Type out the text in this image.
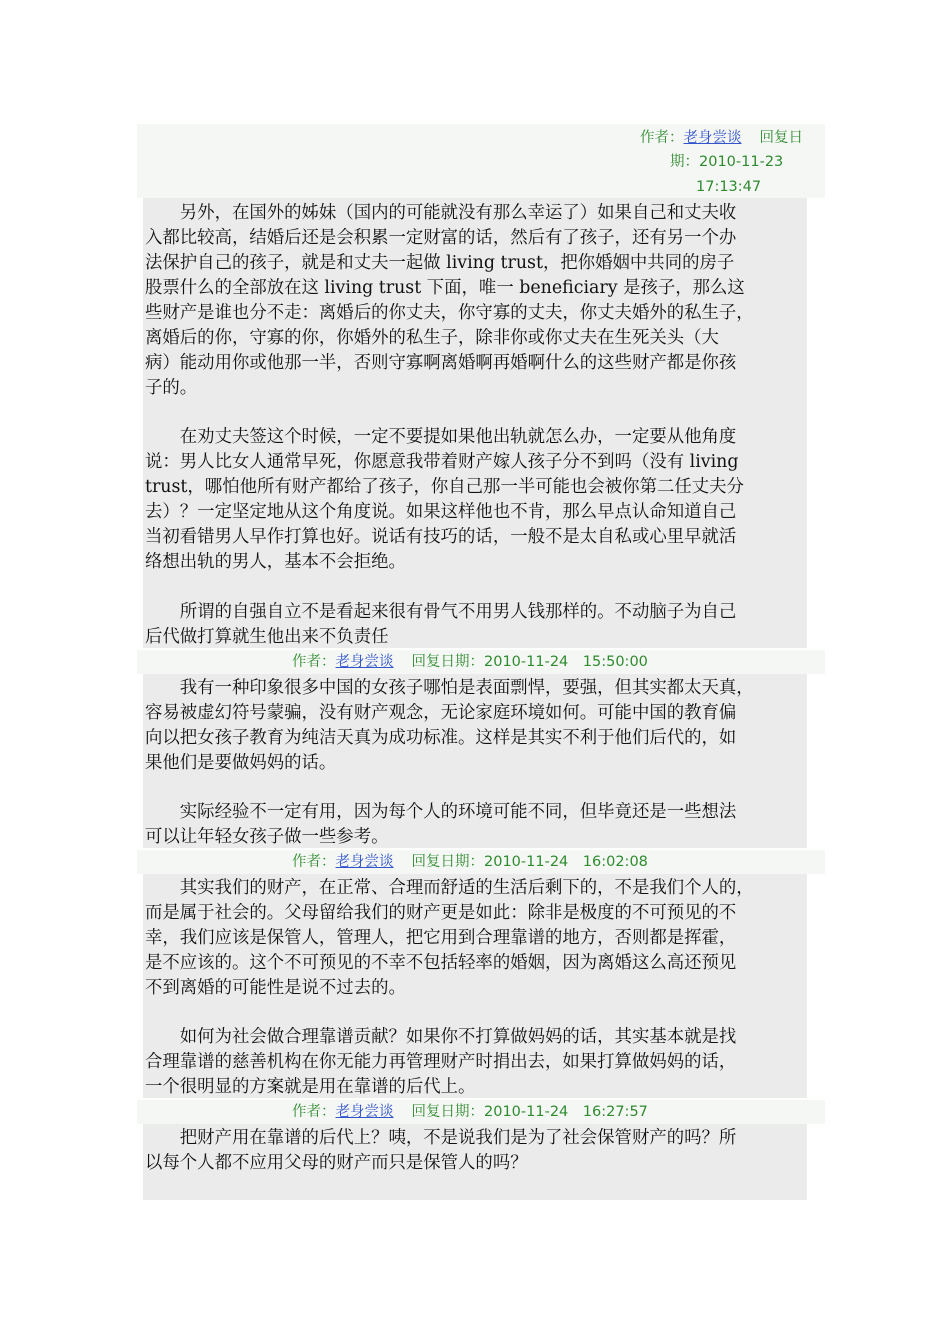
作者：老身尝谈 回复日
期：2010-11-23
17:13:47
　　另外，在国外的姊妹（国内的可能就没有那么幸运了）如果自己和丈夫收
入都比较高，结婚后还是会积累一定财富的话，然后有了孩子，还有另一个办
法保护自己的孩子，就是和丈夫一起做 living trust，把你婚姻中共同的房子
股票什么的全部放在这 living trust 下面，唯一 beneficiary 是孩子，那么这
些财产是谁也分不走：离婚后的你丈夫，你守寡的丈夫，你丈夫婚外的私生子，
离婚后的你，守寡的你，你婚外的私生子，除非你或你丈夫在生死关头（大
病）能动用你或他那一半，否则守寡啊离婚啊再婚啊什么的这些财产都是你孩
子的。
　　在劝丈夫签这个时候，一定不要提如果他出轨就怎么办，一定要从他角度
说：男人比女人通常早死，你愿意我带着财产嫁人孩子分不到吗（没有 living
trust，哪怕他所有财产都给了孩子，你自己那一半可能也会被你第二任丈夫分
去）？一定坚定地从这个角度说。如果这样他也不肯，那么早点认命知道自己
当初看错男人早作打算也好。说话有技巧的话，一般不是太自私或心里早就活
络想出轨的男人，基本不会拒绝。
　　所谓的自强自立不是看起来很有骨气不用男人钱那样的。不动脑子为自己
后代做打算就生他出来不负责任
作者：老身尝谈 回复日期：2010-11-24　15:50:00
　　我有一种印象很多中国的女孩子哪怕是表面剽悍，要强，但其实都太天真，
容易被虚幻符号蒙骗，没有财产观念，无论家庭环境如何。可能中国的教育偏
向以把女孩子教育为纯洁天真为成功标准。这样是其实不利于他们后代的，如
果他们是要做妈妈的话。
　　实际经验不一定有用，因为每个人的环境可能不同，但毕竟还是一些想法
可以让年轻女孩子做一些参考。
作者：老身尝谈 回复日期：2010-11-24　16:02:08
　　其实我们的财产，在正常、合理而舒适的生活后剩下的，不是我们个人的，
而是属于社会的。父母留给我们的财产更是如此：除非是极度的不可预见的不
幸，我们应该是保管人，管理人，把它用到合理靠谱的地方，否则都是挥霍，
是不应该的。这个不可预见的不幸不包括轻率的婚姻，因为离婚这么高还预见
不到离婚的可能性是说不过去的。
　　如何为社会做合理靠谱贡献？如果你不打算做妈妈的话，其实基本就是找
合理靠谱的慈善机构在你无能力再管理财产时捐出去，如果打算做妈妈的话，
一个很明显的方案就是用在靠谱的后代上。
作者：老身尝谈 回复日期：2010-11-24　16:27:57
　　把财产用在靠谱的后代上？咦，不是说我们是为了社会保管财产的吗？所
以每个人都不应用父母的财产而只是保管人的吗？
